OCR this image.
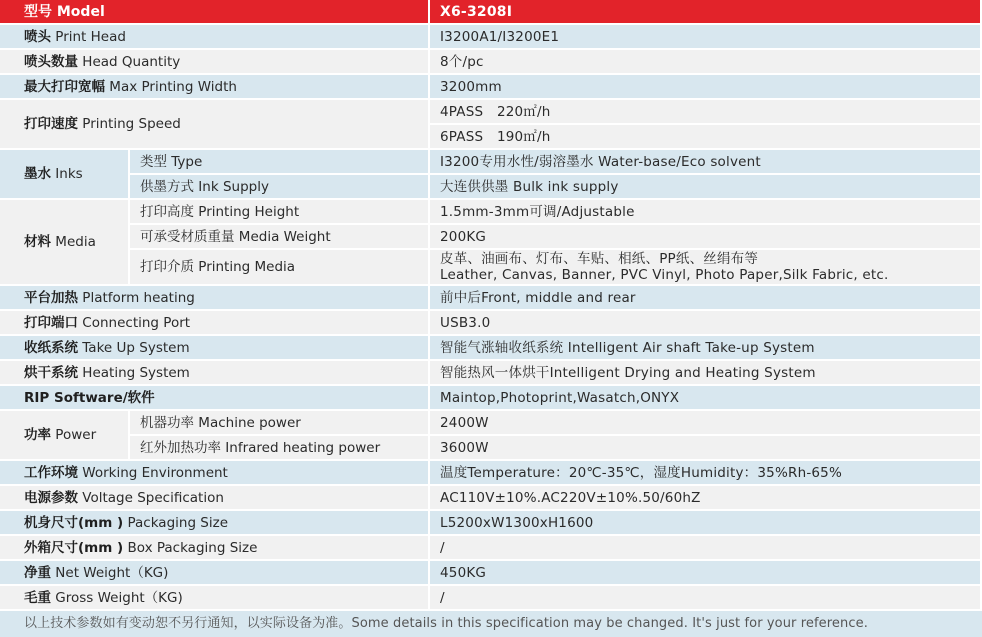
型号 Model		X6-3208I
喷头 Print Head		I3200A1/I3200E1
喷头数量 Head Quantity		8个/pc
最大打印宽幅 Max Printing Width		3200mm
打印速度 Printing Speed		4PASS　220㎡/h
		6PASS　190㎡/h
墨水 Inks	类型 Type	I3200专用水性/弱溶墨水 Water-base/Eco solvent
	供墨方式 Ink Supply	大连供供墨 Bulk ink supply
材料 Media	打印高度 Printing Height	1.5mm-3mm可调/Adjustable
	可承受材质重量 Media Weight	200KG
	打印介质 Printing Media	皮革、油画布、灯布、车贴、相纸、PP纸、丝绢布等
Leather, Canvas, Banner, PVC Vinyl, Photo Paper,Silk Fabric, etc.

平台加热 Platform heating		前中后Front, middle and rear
打印端口 Connecting Port		USB3.0
收纸系统 Take Up System		智能气涨轴收纸系统 Intelligent Air shaft Take-up System
烘干系统 Heating System		智能热风一体烘干Intelligent Drying and Heating System
RIP Software/软件		Maintop,Photoprint,Wasatch,ONYX
功率 Power	机器功率 Machine power	2400W
	红外加热功率 Infrared heating power	3600W
工作环境 Working Environment		温度Temperature：20℃-35℃，湿度Humidity：35%Rh-65%
电源参数 Voltage Specification		AC110V±10%.AC220V±10%.50/60hZ
机身尺寸(mm ) Packaging Size		L5200xW1300xH1600
外箱尺寸(mm ) Box Packaging Size		/
净重 Net Weight（KG)		450KG
毛重 Gross Weight（KG)		/
以上技术参数如有变动恕不另行通知，以实际设备为准。Some details in this specification may be changed. It's just for your reference.
